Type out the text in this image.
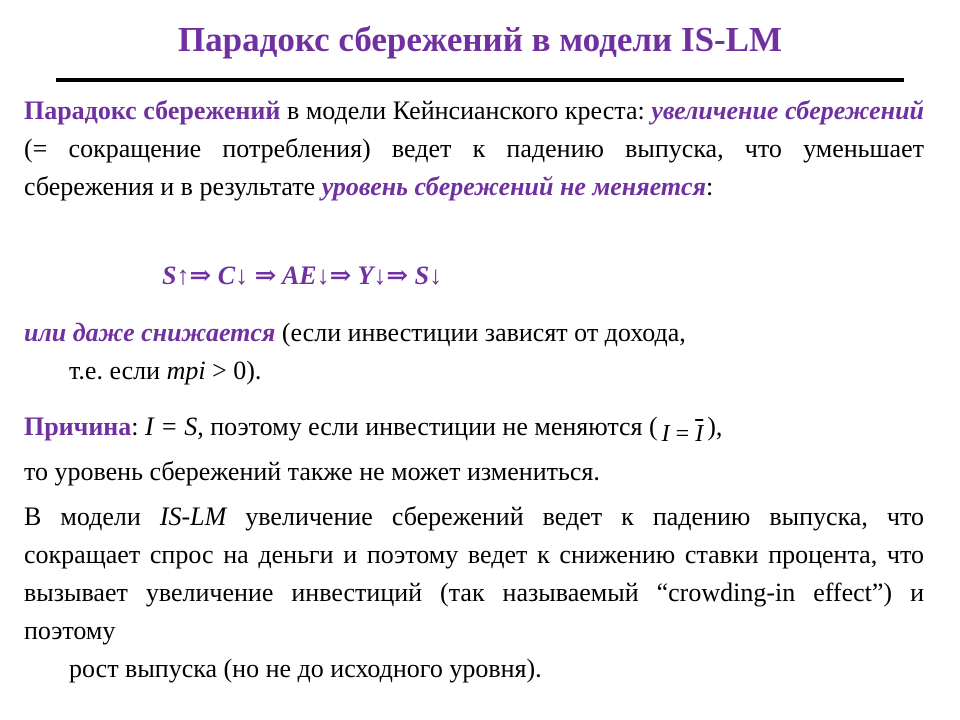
Парадокс сбережений в модели IS-LM

Парадокс сбережений в модели Кейнсианского креста: увеличение сбережений (= сокращение потребления) ведет к падению выпуска, что уменьшает сбережения и в результате уровень сбережений не меняется:

S↑⇒ C↓ ⇒ AE↓⇒ Y↓⇒ S↓

или даже снижается (если инвестиции зависят от дохода,
т.е. если mpi > 0).

Причина: I = S, поэтому если инвестиции не меняются ( $I = \overline{I}$ ),
то уровень сбережений также не может измениться.

В модели IS-LM увеличение сбережений ведет к падению выпуска, что сокращает спрос на деньги и поэтому ведет к снижению ставки процента, что вызывает увеличение инвестиций (так называемый “crowding-in effect”) и поэтому
рост выпуска (но не до исходного уровня).
